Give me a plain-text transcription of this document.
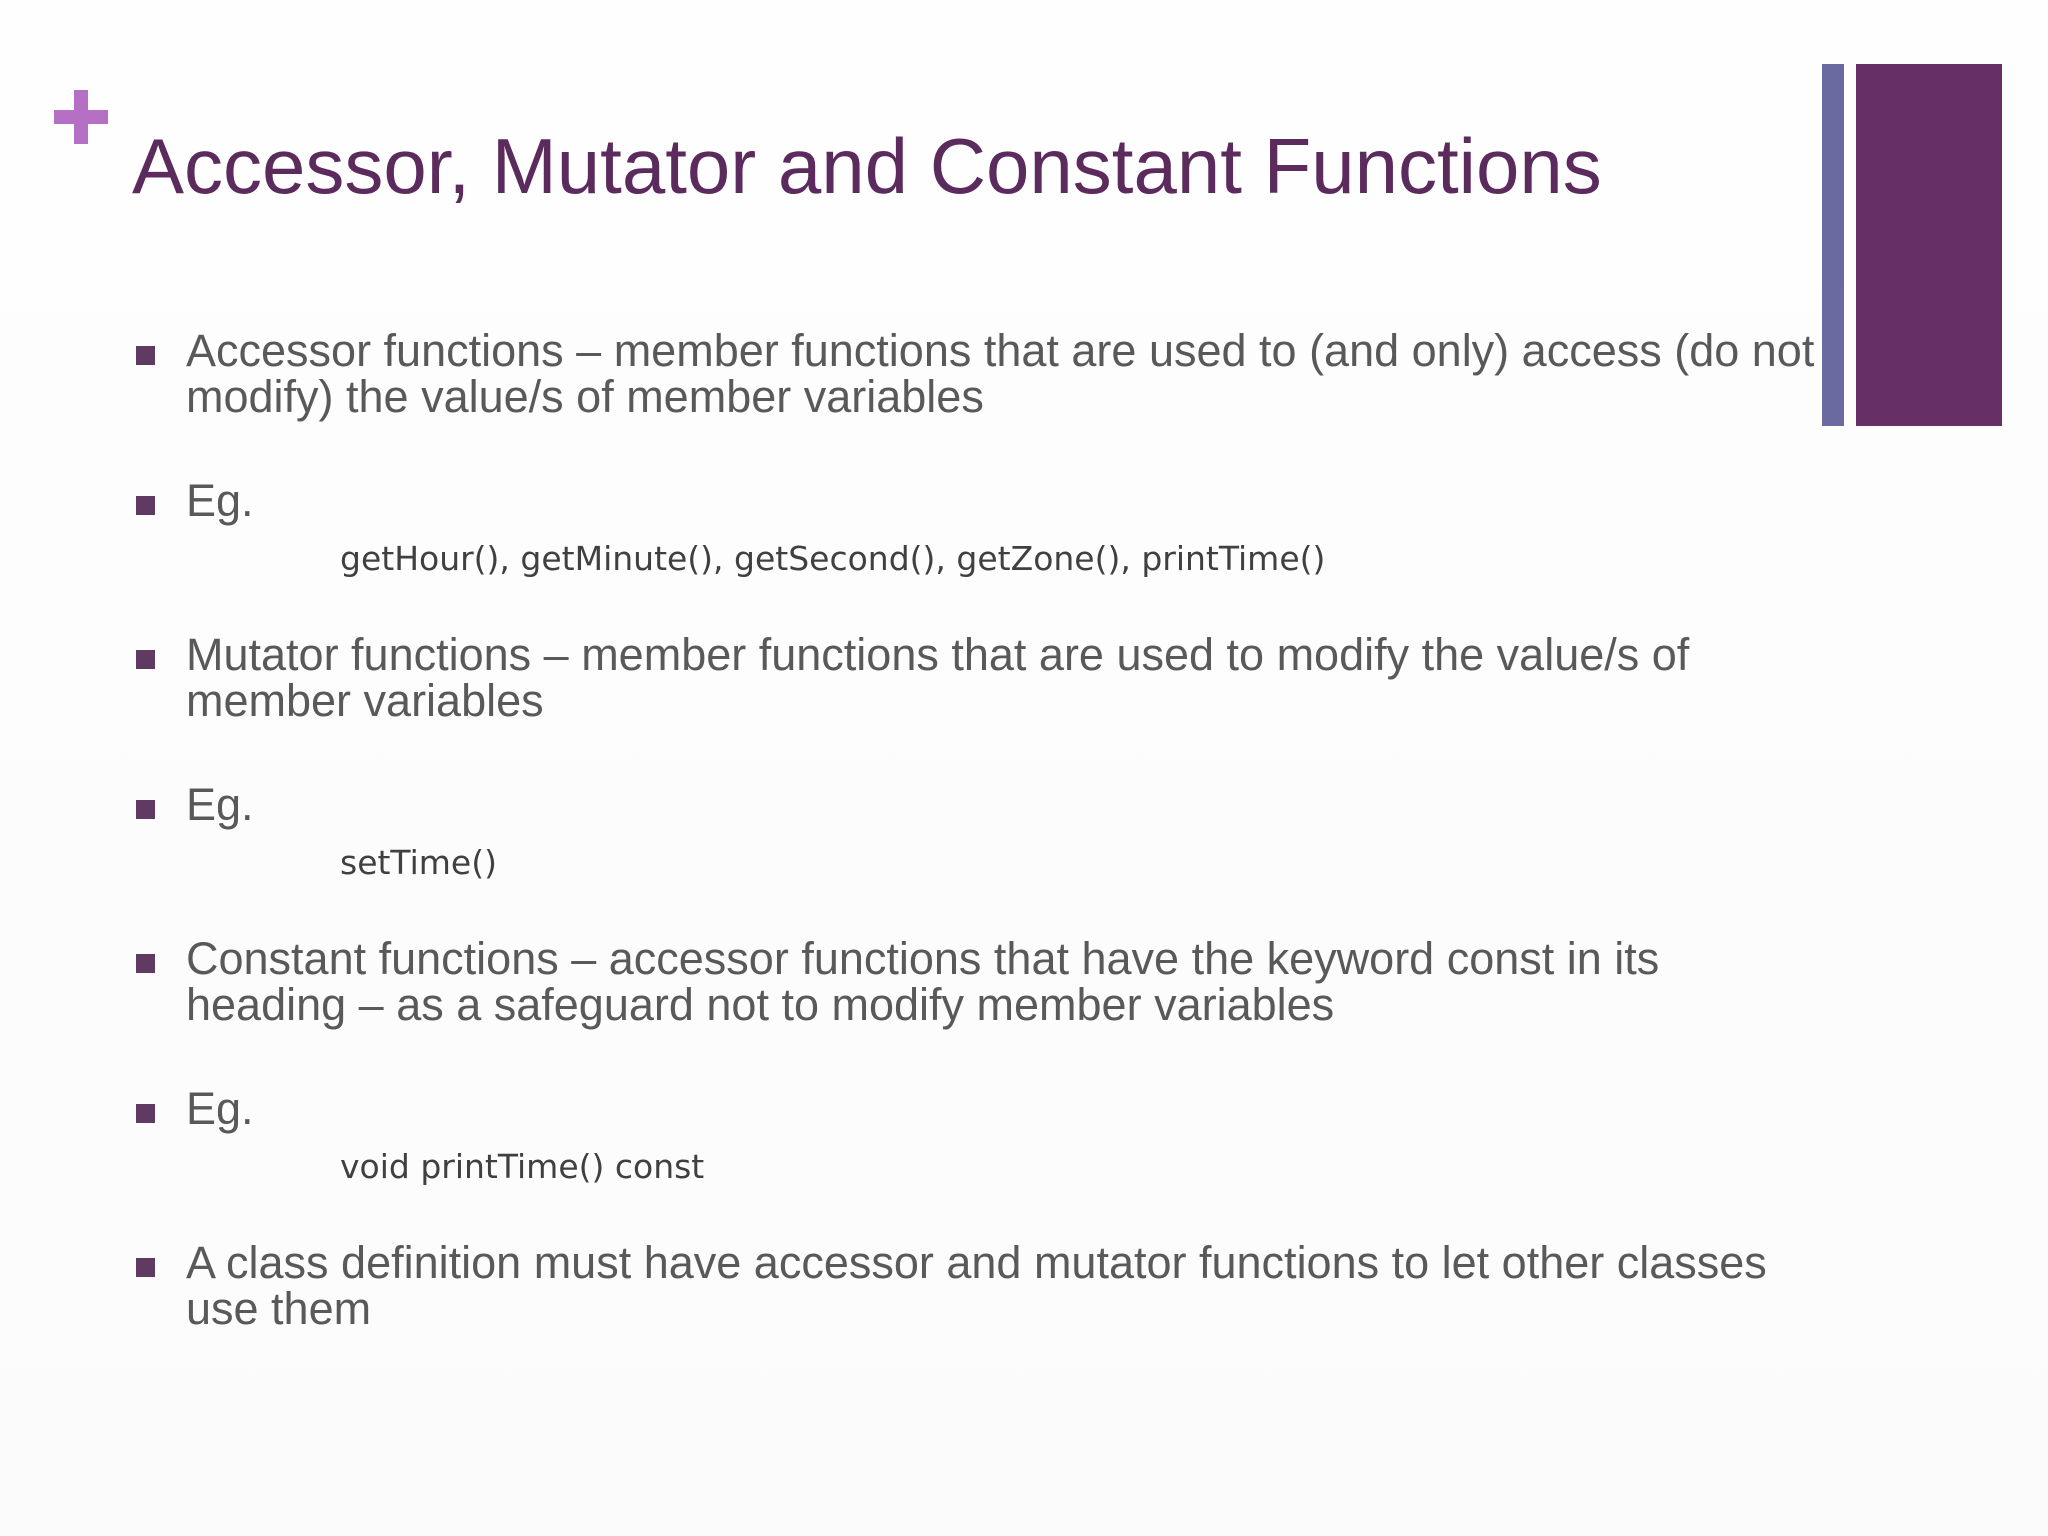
Accessor, Mutator and Constant Functions
Accessor functions – member functions that are used to (and only) access (do not modify) the value/s of member variables
Eg.
getHour(), getMinute(), getSecond(), getZone(), printTime()
Mutator functions – member functions that are used to modify the value/s of member variables
Eg.
setTime()
Constant functions – accessor functions that have the keyword const in its heading – as a safeguard not to modify member variables
Eg.
void printTime() const
A class definition must have accessor and mutator functions to let other classes use them
